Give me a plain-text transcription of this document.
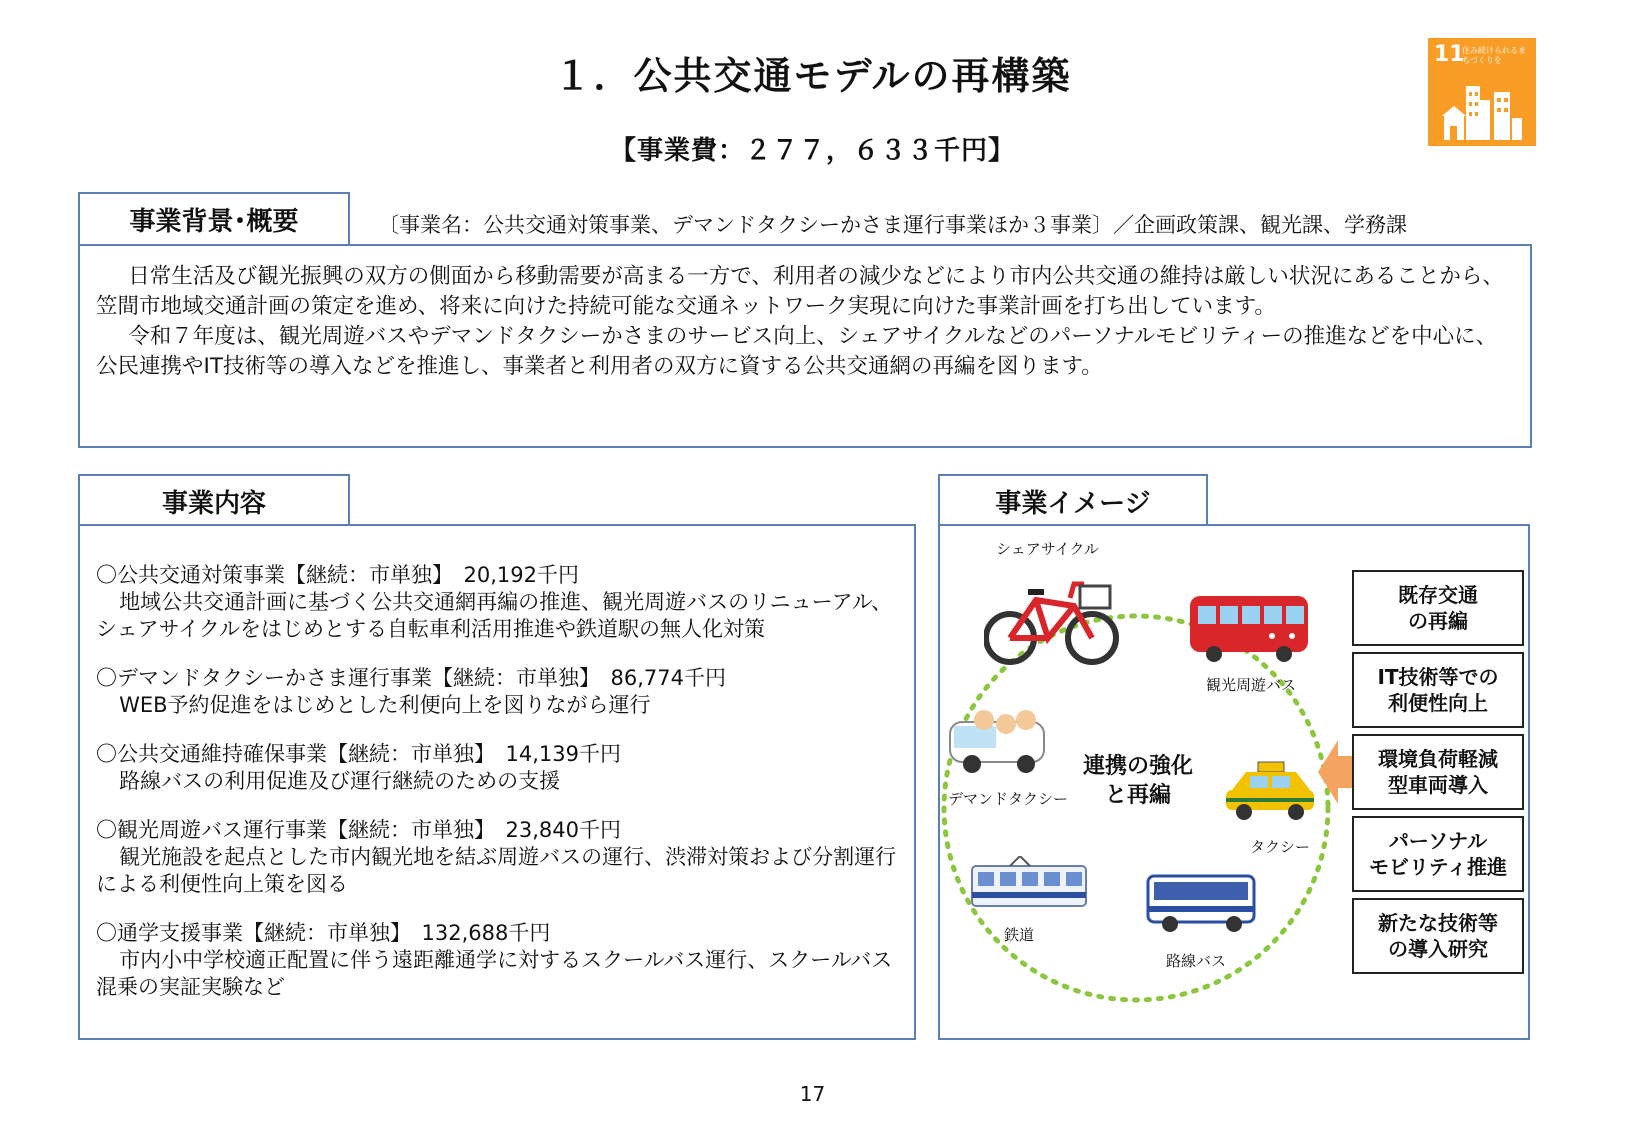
１．公共交通モデルの再構築
【事業費：２７７，６３３千円】
11
住み続けられるまちづくりを
事業背景･概要	〔事業名：公共交通対策事業、デマンドタクシーかさま運行事業ほか３事業〕／企画政策課、観光課、学務課

日常生活及び観光振興の双方の側面から移動需要が高まる一方で、利用者の減少などにより市内公共交通の維持は厳しい状況にあることから、笠間市地域交通計画の策定を進め、将来に向けた持続可能な交通ネットワーク実現に向けた事業計画を打ち出しています。

令和７年度は、観光周遊バスやデマンドタクシーかさまのサービス向上、シェアサイクルなどのパーソナルモビリティーの推進などを中心に、公民連携やIT技術等の導入などを推進し、事業者と利用者の双方に資する公共交通網の再編を図ります。

事業内容
〇公共交通対策事業【継続：市単独】　20,192千円
地域公共交通計画に基づく公共交通網再編の推進、観光周遊バスのリニューアル、シェアサイクルをはじめとする自転車利活用推進や鉄道駅の無人化対策
〇デマンドタクシーかさま運行事業【継続：市単独】　86,774千円
WEB予約促進をはじめとした利便向上を図りながら運行
〇公共交通維持確保事業【継続：市単独】　14,139千円
路線バスの利用促進及び運行継続のための支援
〇観光周遊バス運行事業【継続：市単独】　23,840千円
観光施設を起点とした市内観光地を結ぶ周遊バスの運行、渋滞対策および分割運行による利便性向上策を図る
〇通学支援事業【継続：市単独】　132,688千円
市内小中学校適正配置に伴う遠距離通学に対するスクールバス運行、スクールバス混乗の実証実験など
事業イメージ
シェアサイクル
観光周遊バス
デマンドタクシー
連携の強化
と再編
タクシー
鉄道
路線バス
既存交通
の再編
IT技術等での
利便性向上
環境負荷軽減
型車両導入
パーソナル
モビリティ推進
新たな技術等
の導入研究
17
